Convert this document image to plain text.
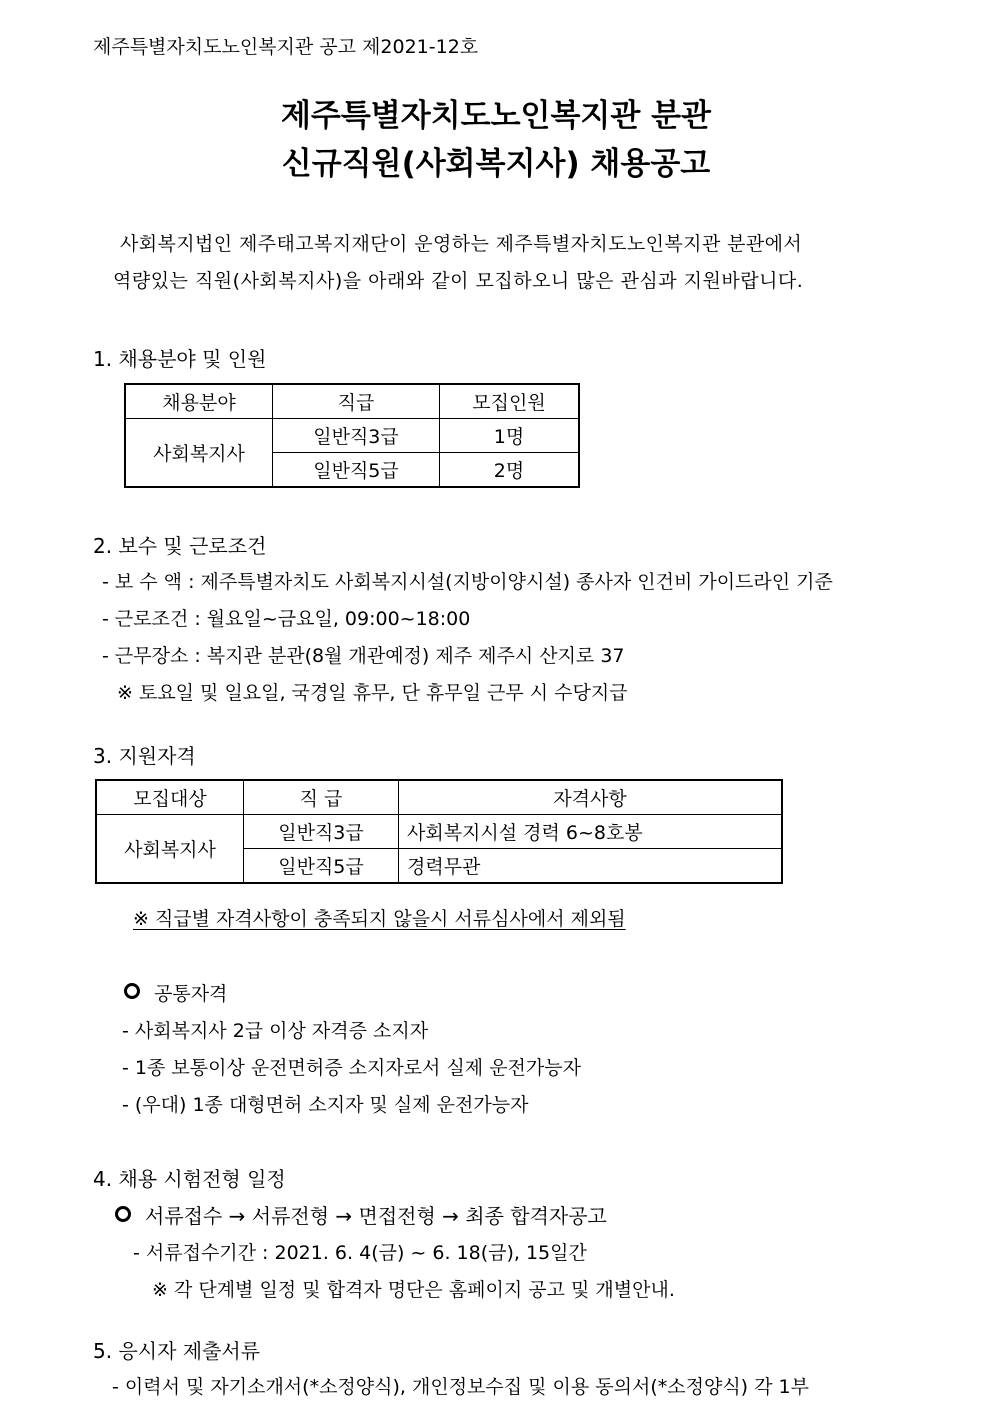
제주특별자치도노인복지관 공고 제2021-12호
제주특별자치도노인복지관 분관
신규직원(사회복지사) 채용공고
사회복지법인 제주태고복지재단이 운영하는 제주특별자치도노인복지관 분관에서
역량있는 직원(사회복지사)을 아래와 같이 모집하오니 많은 관심과 지원바랍니다.
1. 채용분야 및 인원
채용분야	직급	모집인원
사회복지사	일반직3급	1명
	일반직5급	2명
2. 보수 및 근로조건
- 보 수 액 : 제주특별자치도 사회복지시설(지방이양시설) 종사자 인건비 가이드라인 기준
- 근로조건 : 월요일~금요일, 09:00~18:00
- 근무장소 : 복지관 분관(8월 개관예정) 제주 제주시 산지로 37
※ 토요일 및 일요일, 국경일 휴무, 단 휴무일 근무 시 수당지급
3. 지원자격
모집대상	직 급	자격사항
사회복지사	일반직3급	사회복지시설 경력 6~8호봉
	일반직5급	경력무관
※ 직급별 자격사항이 충족되지 않을시 서류심사에서 제외됨
공통자격
- 사회복지사 2급 이상 자격증 소지자
- 1종 보통이상 운전면허증 소지자로서 실제 운전가능자
- (우대) 1종 대형면허 소지자 및 실제 운전가능자
4. 채용 시험전형 일정
서류접수 → 서류전형 → 면접전형 → 최종 합격자공고
- 서류접수기간 : 2021. 6. 4(금) ~ 6. 18(금), 15일간
※ 각 단계별 일정 및 합격자 명단은 홈페이지 공고 및 개별안내.
5. 응시자 제출서류
- 이력서 및 자기소개서(*소정양식), 개인정보수집 및 이용 동의서(*소정양식) 각 1부
